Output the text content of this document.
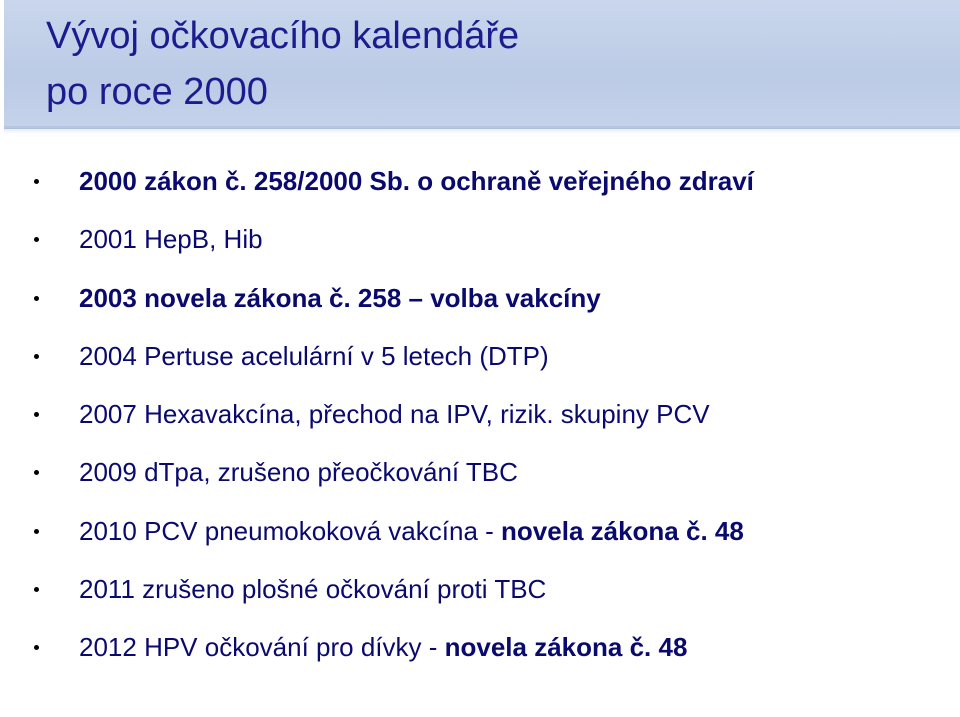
Vývoj očkovacího kalendáře
po roce 2000
2000 zákon č. 258/2000 Sb. o ochraně veřejného zdraví
2001 HepB, Hib
2003 novela zákona č. 258 – volba vakcíny
2004 Pertuse acelulární v 5 letech (DTP)
2007 Hexavakcína, přechod na IPV, rizik. skupiny PCV
2009 dTpa, zrušeno přeočkování TBC
2010 PCV pneumokoková vakcína - novela zákona č. 48
2011 zrušeno plošné očkování proti TBC
2012 HPV očkování pro dívky - novela zákona č. 48
